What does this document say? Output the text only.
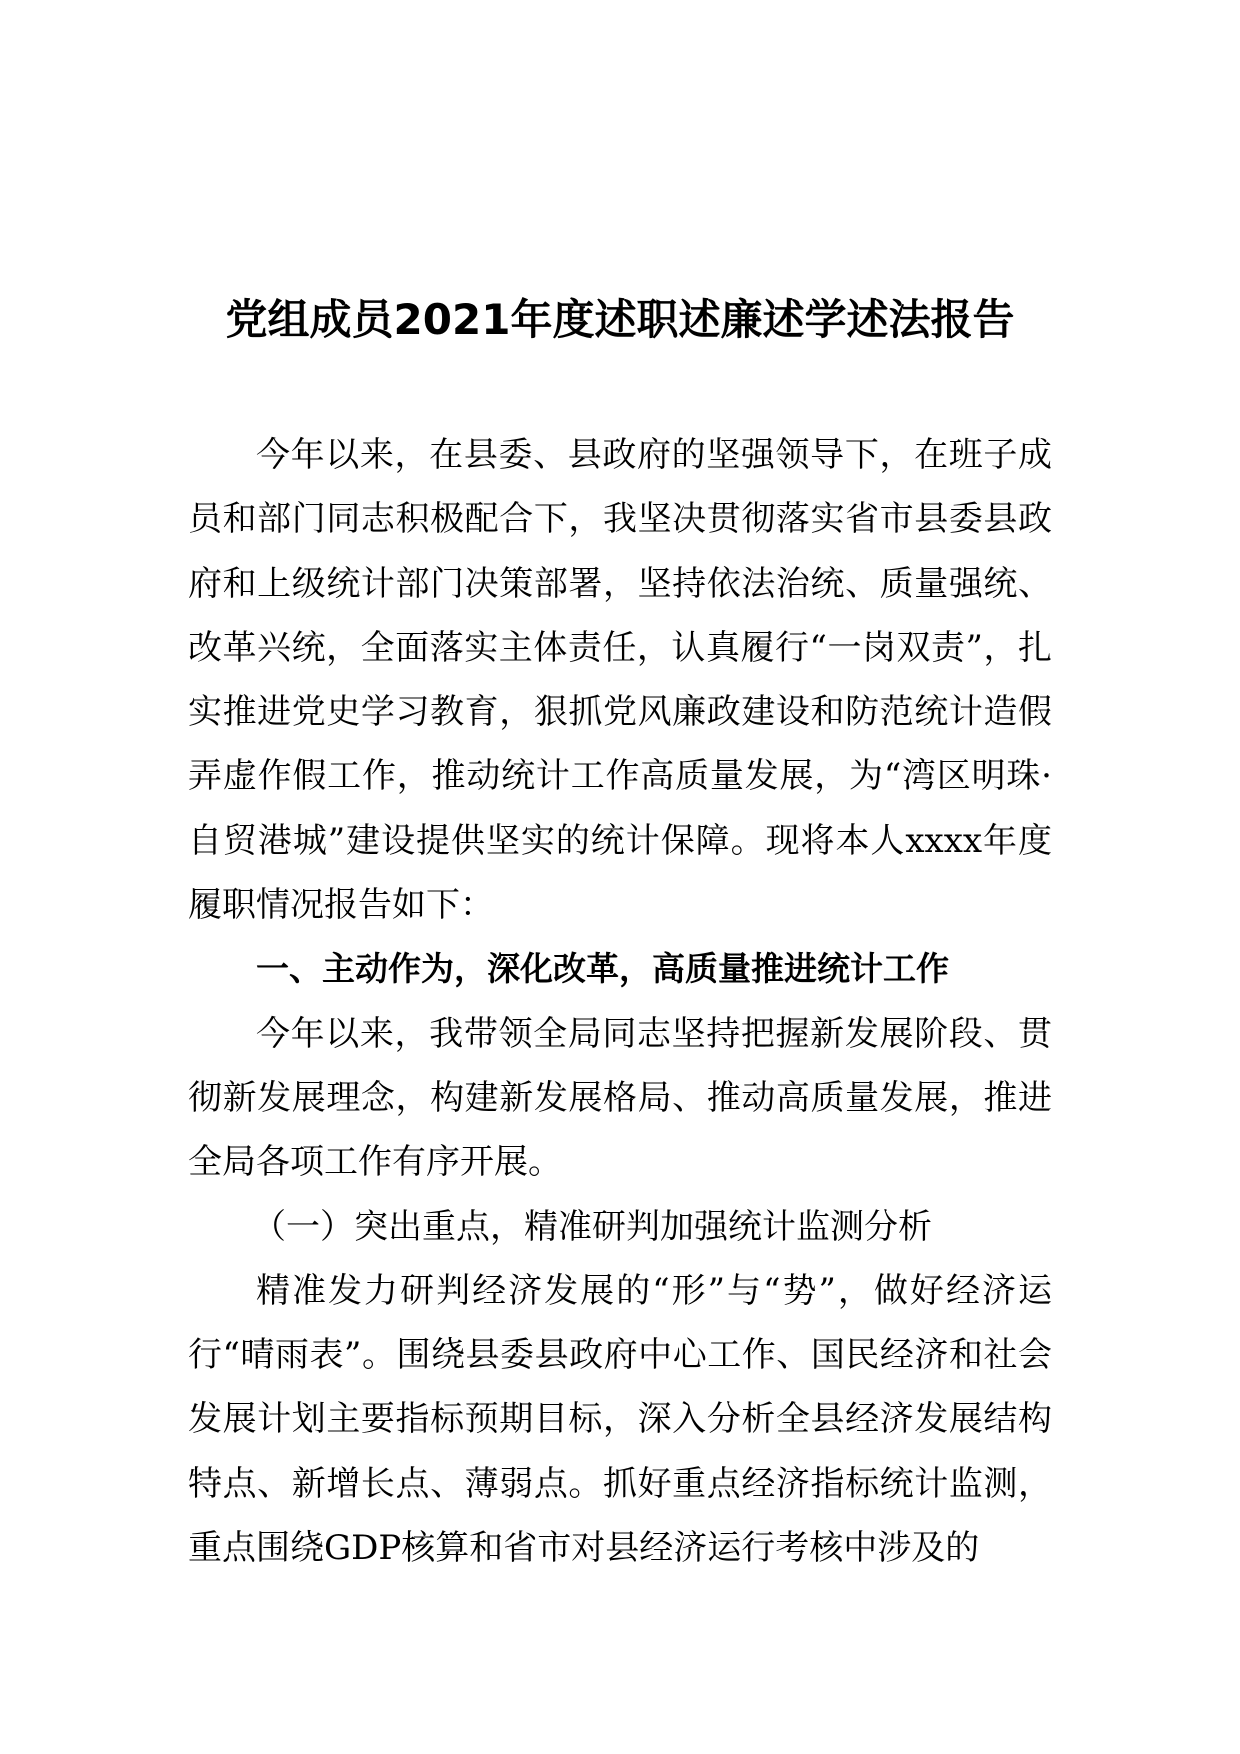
党组成员2021年度述职述廉述学述法报告

今年以来，在县委、县政府的坚强领导下，在班子成员和部门同志积极配合下，我坚决贯彻落实省市县委县政府和上级统计部门决策部署，坚持依法治统、质量强统、改革兴统，全面落实主体责任，认真履行“一岗双责”，扎实推进党史学习教育，狠抓党风廉政建设和防范统计造假弄虚作假工作，推动统计工作高质量发展，为“湾区明珠·自贸港城”建设提供坚实的统计保障。现将本人xxxx年度履职情况报告如下：

一、主动作为，深化改革，高质量推进统计工作

今年以来，我带领全局同志坚持把握新发展阶段、贯彻新发展理念，构建新发展格局、推动高质量发展，推进全局各项工作有序开展。

（一）突出重点，精准研判加强统计监测分析

精准发力研判经济发展的“形”与“势”，做好经济运行“晴雨表”。围绕县委县政府中心工作、国民经济和社会发展计划主要指标预期目标，深入分析全县经济发展结构特点、新增长点、薄弱点。抓好重点经济指标统计监测，重点围绕GDP核算和省市对县经济运行考核中涉及的
